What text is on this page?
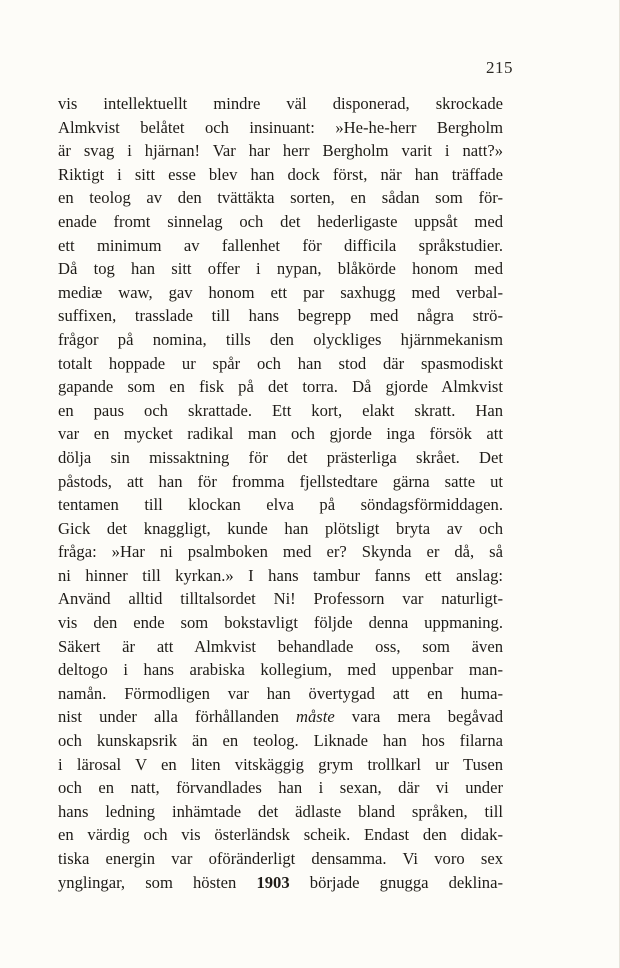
215
vis intellektuellt mindre väl disponerad, skrockade
Almkvist belåtet och insinuant: »He-he-herr Bergholm
är svag i hjärnan! Var har herr Bergholm varit i natt?»
Riktigt i sitt esse blev han dock först, när han träffade
en teolog av den tvättäkta sorten, en sådan som för-
enade fromt sinnelag och det hederligaste uppsåt med
ett minimum av fallenhet för difficila språkstudier.
Då tog han sitt offer i nypan, blåkörde honom med
mediæ waw, gav honom ett par saxhugg med verbal-
suffixen, trasslade till hans begrepp med några strö-
frågor på nomina, tills den olyckliges hjärnmekanism
totalt hoppade ur spår och han stod där spasmodiskt
gapande som en fisk på det torra. Då gjorde Almkvist
en paus och skrattade. Ett kort, elakt skratt. Han
var en mycket radikal man och gjorde inga försök att
dölja sin missaktning för det prästerliga skrået. Det
påstods, att han för fromma fjellstedtare gärna satte ut
tentamen till klockan elva på söndagsförmiddagen.
Gick det knaggligt, kunde han plötsligt bryta av och
fråga: »Har ni psalmboken med er? Skynda er då, så
ni hinner till kyrkan.» I hans tambur fanns ett anslag:
Använd alltid tilltalsordet Ni! Professorn var naturligt-
vis den ende som bokstavligt följde denna uppmaning.
Säkert är att Almkvist behandlade oss, som även
deltogo i hans arabiska kollegium, med uppenbar man-
namån. Förmodligen var han övertygad att en huma-
nist under alla förhållanden måste vara mera begåvad
och kunskapsrik än en teolog. Liknade han hos filarna
i lärosal V en liten vitskäggig grym trollkarl ur Tusen
och en natt, förvandlades han i sexan, där vi under
hans ledning inhämtade det ädlaste bland språken, till
en värdig och vis österländsk scheik. Endast den didak-
tiska energin var oföränderligt densamma. Vi voro sex
ynglingar, som hösten 1903 började gnugga deklina-
